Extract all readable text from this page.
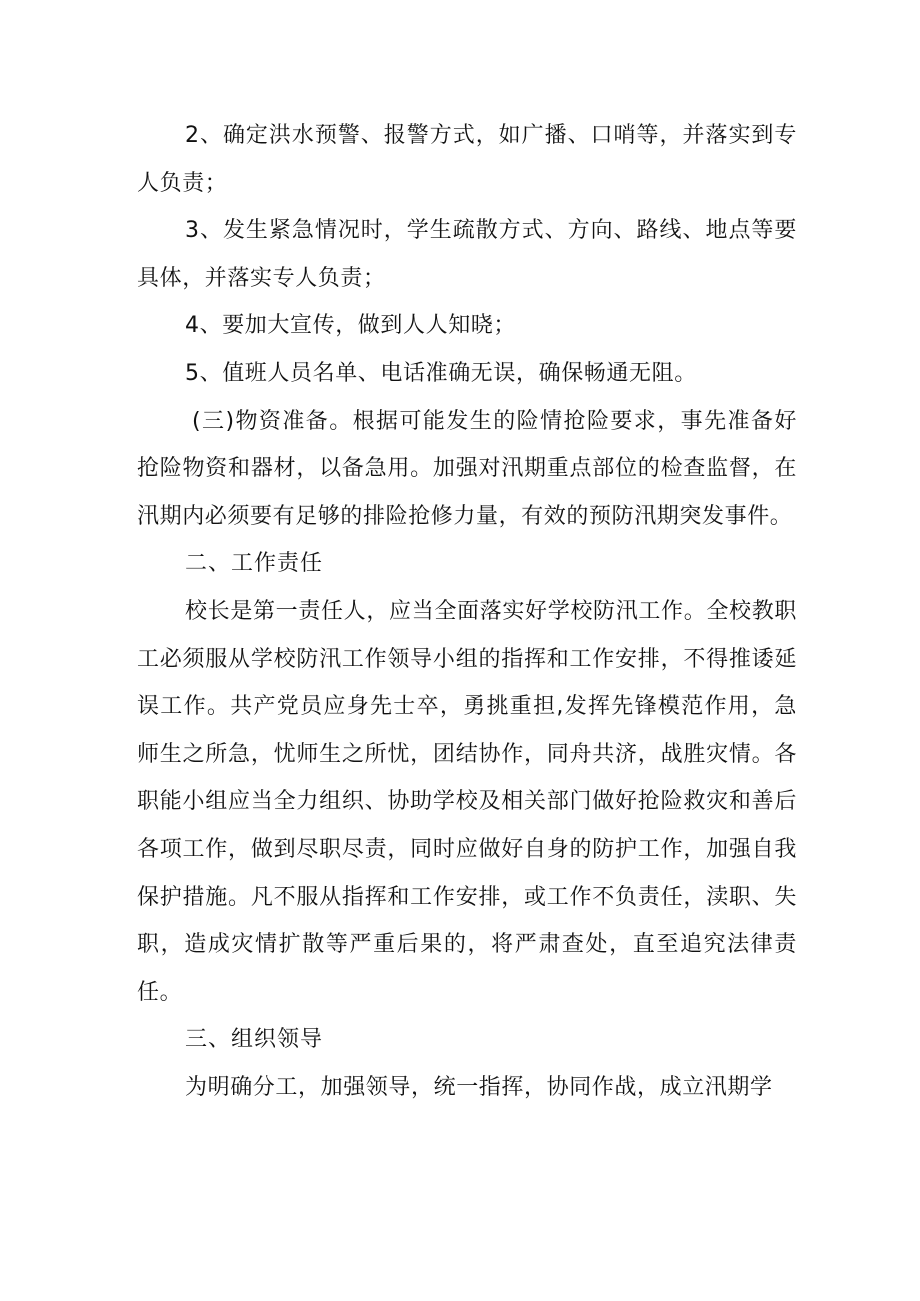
2、确定洪水预警、报警方式，如广播、口哨等，并落实到专人负责；

3、发生紧急情况时，学生疏散方式、方向、路线、地点等要具体，并落实专人负责；

4、要加大宣传，做到人人知晓；

5、值班人员名单、电话准确无误，确保畅通无阻。

(三)物资准备。根据可能发生的险情抢险要求，事先准备好抢险物资和器材，以备急用。加强对汛期重点部位的检查监督，在汛期内必须要有足够的排险抢修力量，有效的预防汛期突发事件。

二、工作责任

校长是第一责任人，应当全面落实好学校防汛工作。全校教职工必须服从学校防汛工作领导小组的指挥和工作安排，不得推诿延误工作。共产党员应身先士卒，勇挑重担,发挥先锋模范作用，急师生之所急，忧师生之所忧，团结协作，同舟共济，战胜灾情。各职能小组应当全力组织、协助学校及相关部门做好抢险救灾和善后各项工作，做到尽职尽责，同时应做好自身的防护工作，加强自我保护措施。凡不服从指挥和工作安排，或工作不负责任，渎职、失职，造成灾情扩散等严重后果的，将严肃查处，直至追究法律责任。

三、组织领导

为明确分工，加强领导，统一指挥，协同作战，成立汛期学
